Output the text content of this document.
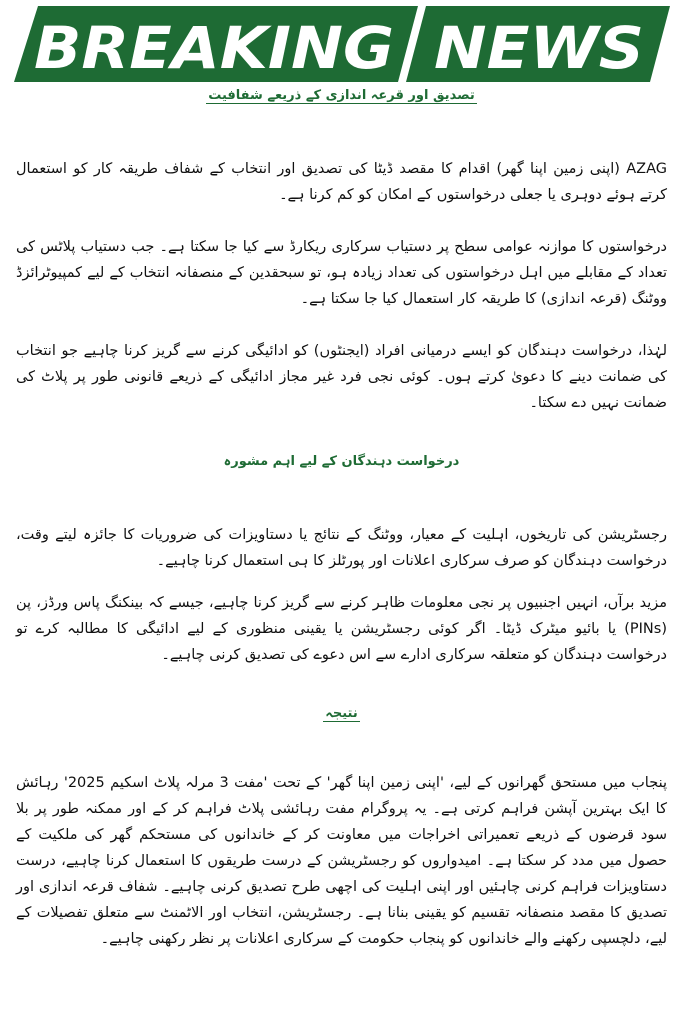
BREAKING NEWS
تصدیق اور قرعہ اندازی کے ذریعے شفافیت

AZAG (اپنی زمین اپنا گھر) اقدام کا مقصد ڈیٹا کی تصدیق اور انتخاب کے شفاف طریقہ کار کو استعمال کرتے ہوئے دوہری یا جعلی درخواستوں کے امکان کو کم کرنا ہے۔

درخواستوں کا موازنہ عوامی سطح پر دستیاب سرکاری ریکارڈ سے کیا جا سکتا ہے۔ جب دستیاب پلاٹس کی تعداد کے مقابلے میں اہل درخواستوں کی تعداد زیادہ ہو، تو سبحقدین کے منصفانہ انتخاب کے لیے کمپیوٹرائزڈ ووٹنگ (قرعہ اندازی) کا طریقہ کار استعمال کیا جا سکتا ہے۔

لہٰذا، درخواست دہندگان کو ایسے درمیانی افراد (ایجنٹوں) کو ادائیگی کرنے سے گریز کرنا چاہیے جو انتخاب کی ضمانت دینے کا دعویٰ کرتے ہوں۔ کوئی نجی فرد غیر مجاز ادائیگی کے ذریعے قانونی طور پر پلاٹ کی ضمانت نہیں دے سکتا۔

درخواست دہندگان کے لیے اہم مشورہ

رجسٹریشن کی تاریخوں، اہلیت کے معیار، ووٹنگ کے نتائج یا دستاویزات کی ضروریات کا جائزہ لیتے وقت، درخواست دہندگان کو صرف سرکاری اعلانات اور پورٹلز کا ہی استعمال کرنا چاہیے۔

مزید برآں، انہیں اجنبیوں پر نجی معلومات ظاہر کرنے سے گریز کرنا چاہیے، جیسے کہ بینکنگ پاس ورڈز، پن (PINs) یا بائیو میٹرک ڈیٹا۔ اگر کوئی رجسٹریشن یا یقینی منظوری کے لیے ادائیگی کا مطالبہ کرے تو درخواست دہندگان کو متعلقہ سرکاری ادارے سے اس دعوے کی تصدیق کرنی چاہیے۔

نتیجہ

پنجاب میں مستحق گھرانوں کے لیے، 'اپنی زمین اپنا گھر' کے تحت 'مفت 3 مرلہ پلاٹ اسکیم 2025' رہائش کا ایک بہترین آپشن فراہم کرتی ہے۔ یہ پروگرام مفت رہائشی پلاٹ فراہم کر کے اور ممکنہ طور پر بلا سود قرضوں کے ذریعے تعمیراتی اخراجات میں معاونت کر کے خاندانوں کی مستحکم گھر کی ملکیت کے حصول میں مدد کر سکتا ہے۔ امیدواروں کو رجسٹریشن کے درست طریقوں کا استعمال کرنا چاہیے، درست دستاویزات فراہم کرنی چاہئیں اور اپنی اہلیت کی اچھی طرح تصدیق کرنی چاہیے۔ شفاف قرعہ اندازی اور تصدیق کا مقصد منصفانہ تقسیم کو یقینی بنانا ہے۔ رجسٹریشن، انتخاب اور الاٹمنٹ سے متعلق تفصیلات کے لیے، دلچسپی رکھنے والے خاندانوں کو پنجاب حکومت کے سرکاری اعلانات پر نظر رکھنی چاہیے۔
